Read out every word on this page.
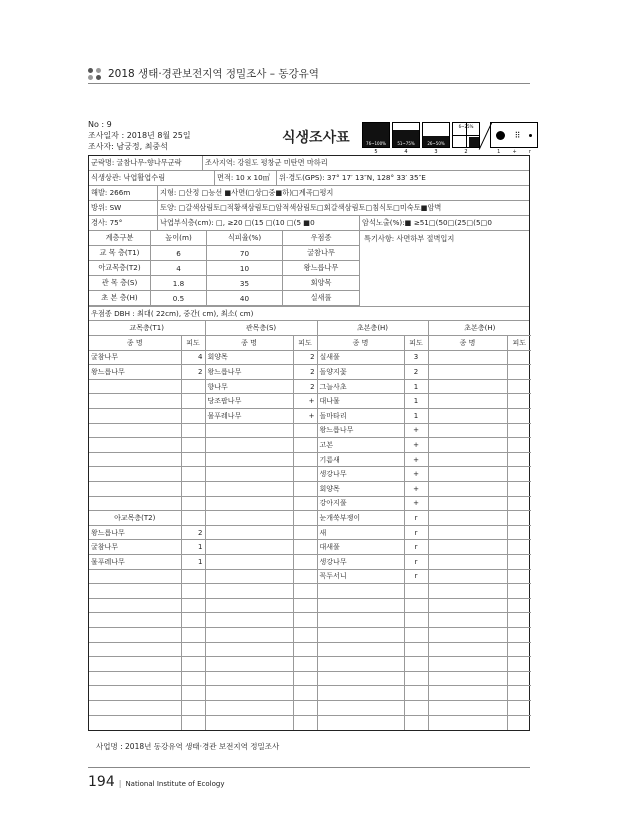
2018 생태·경관보전지역 정밀조사 – 동강유역
No : 9
조사일자 : 2018년 8월 25일
조사자: 남궁정, 최중석
식생조사표	76~100%
5
51~75%
4
26~50%
3
6~25%
2
⠿
1 + r
군락명: 굴참나무-향나무군락	조사지역: 강원도 평창군 미탄면 마하리
식생상관: 낙엽활엽수림	면적: 10 x 10㎡	위·경도(GPS): 37° 17′ 13″N, 128° 33′ 35″E
해발: 266m	지형: □산정 □능선 ■사면(□상□중■하)□계곡□평지
방위: SW	토양: □갈색삼림토□적황색삼림토□암적색삼림토□회갈색삼림토□침식토□미숙토■암벽
경사: 75°	낙엽부식층(cm): □, ≥20 □(15 □(10 □(5 ■0	암석노출(%):■ ≥51□(50□(25□(5□0
계층구분	높이(m)	식피율(%)	우점종
교 목 층(T1)	6	70	굴참나무
아교목층(T2)	4	10	왕느릅나무
관 목 층(S)	1.8	35	회양목
초 본 층(H)	0.5	40	실새풀
특기사항: 사면하부 절벽입지
우점종 DBH : 최대( 22cm), 중간( cm), 최소( cm)
교목층(T1)		관목층(S)		초본층(H)		초본층(H)	
종 명	피도	종 명	피도	종 명	피도	종 명	피도
굴참나무	4	회양목	2	실새풀	3		
왕느릅나무	2	왕느릅나무	2	돌양지꽃	2		
		향나무	2	그늘사초	1		
		당조팝나무	+	대나물	1		
		물푸레나무	+	돌마타리	1		
				왕느릅나무	+		
				고본	+		
				기름새	+		
				생강나무	+		
				회양목	+		
				강아지풀	+		
아교목층(T2)				눈개쑥부쟁이	r		
왕느릅나무	2			새	r		
굴참나무	1			대새풀	r		
물푸레나무	1			생강나무	r		
				꼭두서니	r		

사업명 : 2018년 동강유역 생태·경관 보전지역 정밀조사
194 | National Institute of Ecology
